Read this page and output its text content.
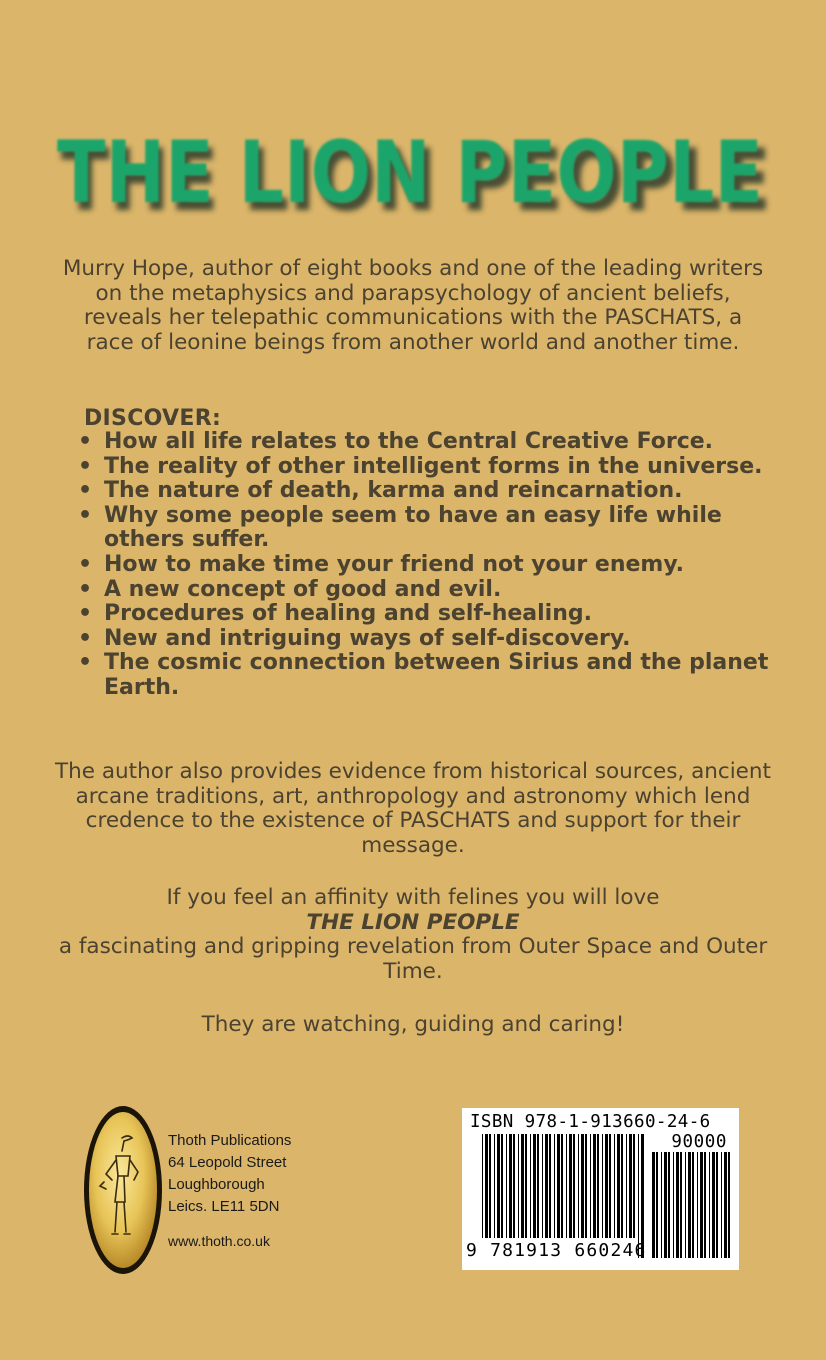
THE LION PEOPLE
THE LION PEOPLE

Murry Hope, author of eight books and one of the leading writers on the metaphysics and parapsychology of ancient beliefs, reveals her telepathic communications with the PASCHATS, a race of leonine beings from another world and another time.

DISCOVER:
• How all life relates to the Central Creative Force.
• The reality of other intelligent forms in the universe.
• The nature of death, karma and reincarnation.
• Why some people seem to have an easy life while others suffer.
• How to make time your friend not your enemy.
• A new concept of good and evil.
• Procedures of healing and self-healing.
• New and intriguing ways of self-discovery.
• The cosmic connection between Sirius and the planet Earth.

The author also provides evidence from historical sources, ancient arcane traditions, art, anthropology and astronomy which lend credence to the existence of PASCHATS and support for their message.

If you feel an affinity with felines you will love
THE LION PEOPLE
a fascinating and gripping revelation from Outer Space and Outer Time.

They are watching, guiding and caring!

Thoth Publications
64 Leopold Street
Loughborough
Leics. LE11 5DN
www.thoth.co.uk
ISBN 978-1-913660-24-6
90000
9 781913 660246
